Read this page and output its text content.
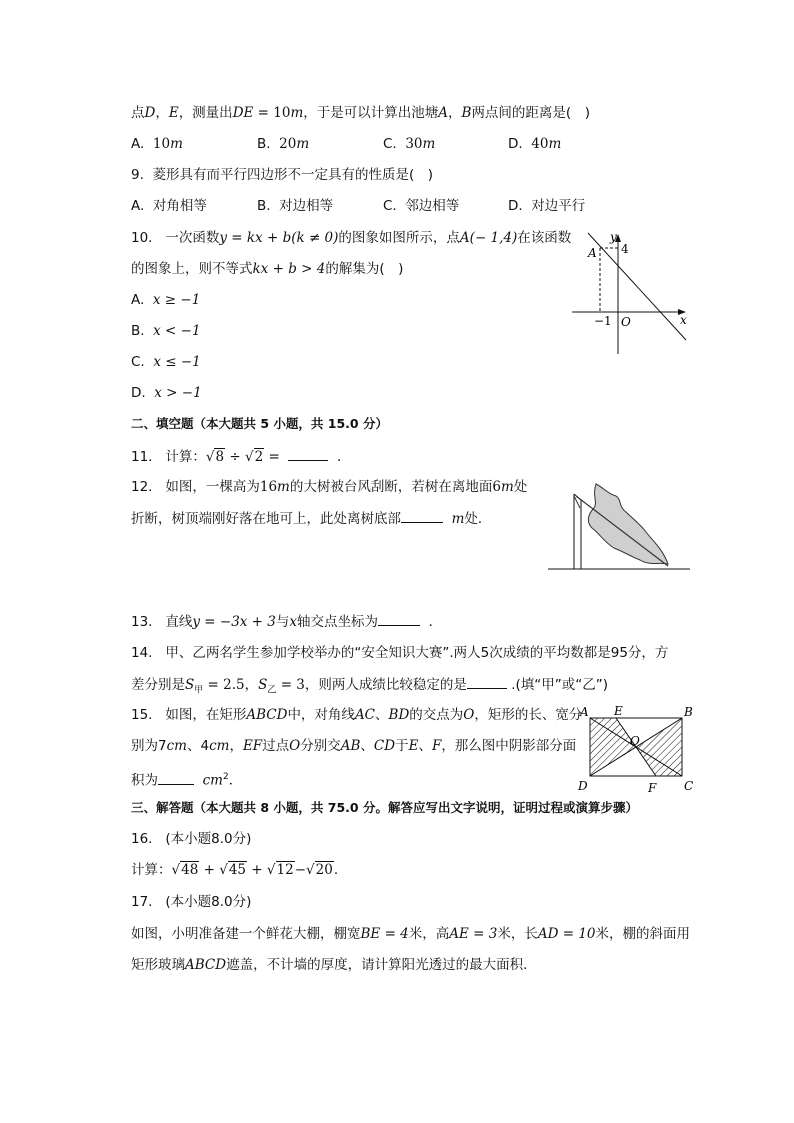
点D，E，测量出DE = 10m，于是可以计算出池塘A，B两点间的距离是(　)
A. 10m	B. 20m	C. 30m	D. 40m
9. 菱形具有而平行四边形不一定具有的性质是(　)
A. 对角相等	B. 对边相等	C. 邻边相等	D. 对边平行
10. 一次函数y = kx + b(k ≠ 0)的图象如图所示，点A(− 1,4)在该函数
的图象上，则不等式kx + b > 4的解集为(　)
A. x ≥ −1
B. x < −1
C. x ≤ −1
D. x > −1
A
y
x
O
4
−1
二、填空题（本大题共 5 小题，共 15.0 分）
11. 计算：√8 ÷ √2 =	．
12. 如图，一棵高为16m的大树被台风刮断，若树在离地面6m处
折断，树顶端刚好落在地可上，此处离树底部	m处．
13. 直线y = −3x + 3与x轴交点坐标为	．
14. 甲、乙两名学生参加学校举办的“安全知识大赛”.两人5次成绩的平均数都是95分，方
差分别是$S_甲 = 2.5$，$S_乙 = 3$，则两人成绩比较稳定的是	.(填“甲”或“乙”)
15. 如图，在矩形ABCD中，对角线AC、BD的交点为O，矩形的长、宽分
别为7cm、4cm，EF过点O分别交AB、CD于E、F，那么图中阴影部分面
积为	$cm^2$．
A	B
C
D
E
F
O
三、解答题（本大题共 8 小题，共 75.0 分。解答应写出文字说明，证明过程或演算步骤）
16. (本小题8.0分)
计算：√48 + √45 + √12−√20.
17. (本小题8.0分)
如图，小明准备建一个鲜花大棚，棚宽BE = 4米，高AE = 3米，长AD = 10米，棚的斜面用
矩形玻璃ABCD遮盖，不计墙的厚度，请计算阳光透过的最大面积．
